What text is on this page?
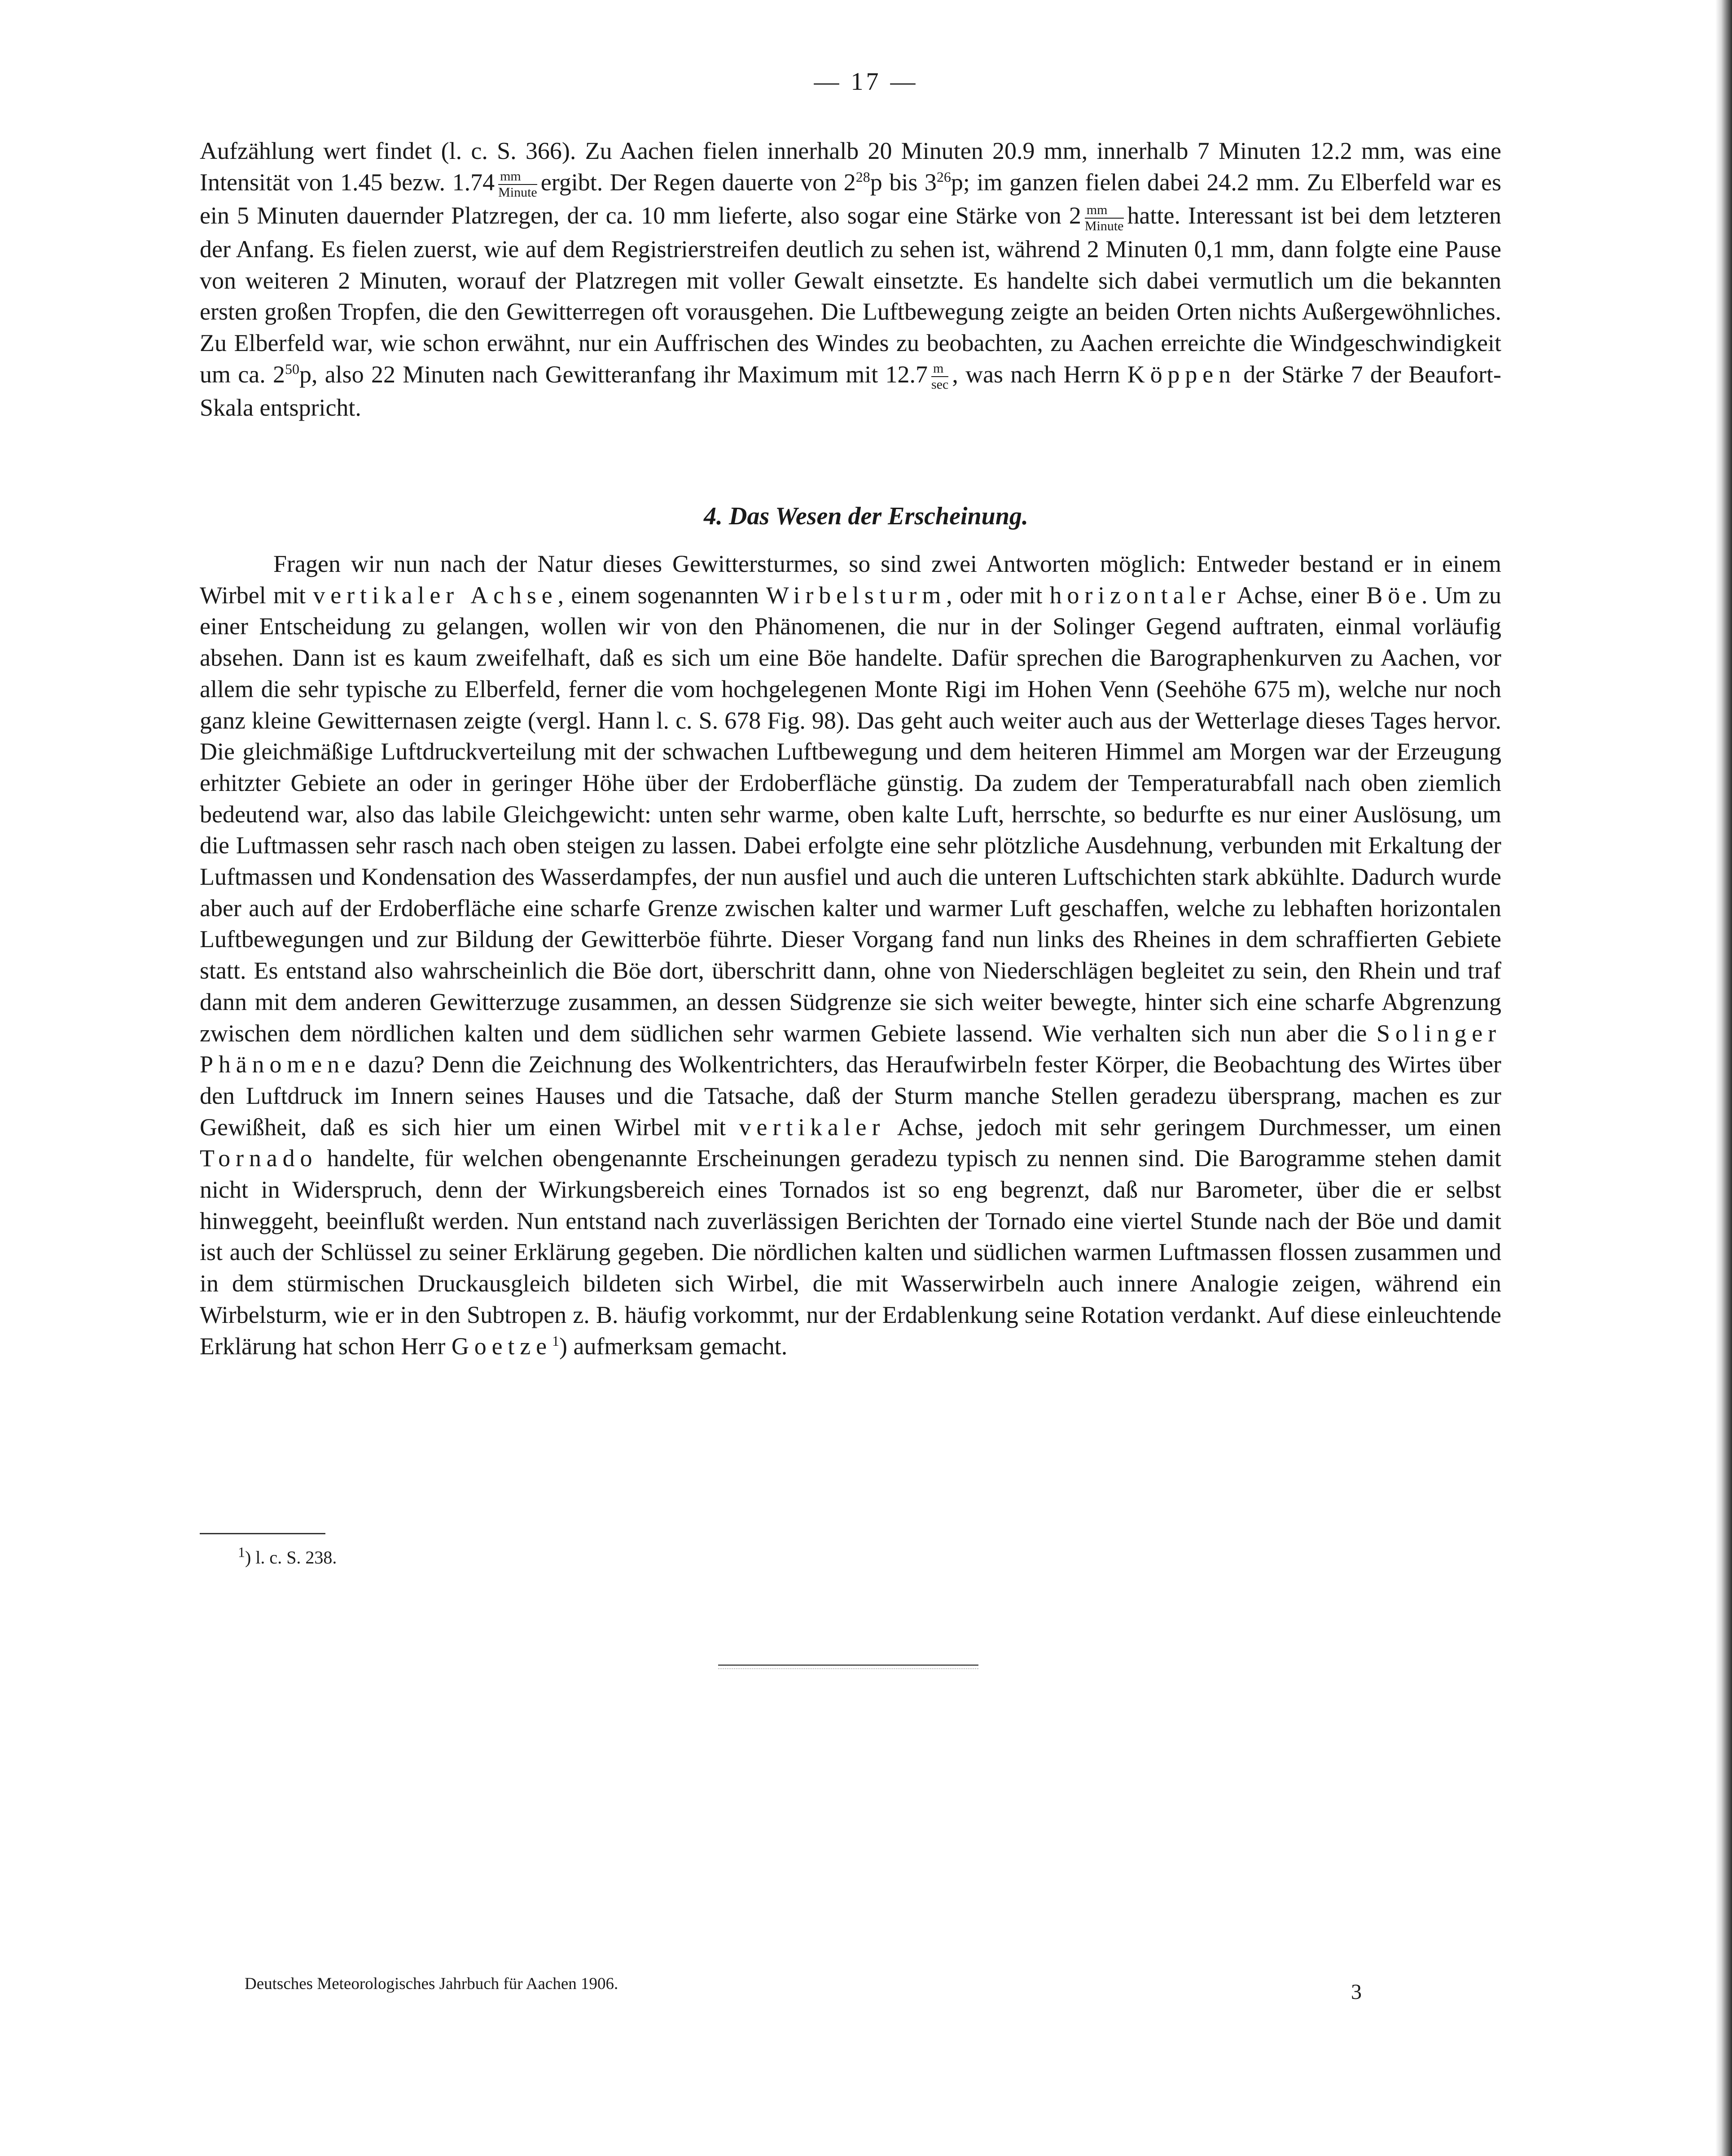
— 17 —

Aufzählung wert findet (l. c. S. 366). Zu Aachen fielen innerhalb 20 Minuten 20.9 mm, innerhalb 7 Minuten 12.2 mm, was eine Intensität von 1.45 bezw. $1.74 \frac{mm}{\text{Minute}}$ ergibt. Der Regen dauerte von $2^{28}p$ bis $3^{26}p$; im ganzen fielen dabei 24.2 mm. Zu Elberfeld war es ein 5 Minuten dauernder Platzregen, der ca. 10 mm lieferte, also sogar eine Stärke von $2 \frac{mm}{\text{Minute}}$ hatte. Interessant ist bei dem letzteren der Anfang. Es fielen zuerst, wie auf dem Registrierstreifen deutlich zu sehen ist, während 2 Minuten 0,1 mm, dann folgte eine Pause von weiteren 2 Minuten, worauf der Platzregen mit voller Gewalt einsetzte. Es handelte sich dabei vermutlich um die bekannten ersten großen Tropfen, die den Gewitterregen oft vorausgehen. Die Luftbewegung zeigte an beiden Orten nichts Außergewöhnliches. Zu Elberfeld war, wie schon erwähnt, nur ein Auffrischen des Windes zu beobachten, zu Aachen erreichte die Windgeschwindigkeit um ca. $2^{50}p$, also 22 Minuten nach Gewitteranfang ihr Maximum mit $12.7 \frac{m}{\sec}$ , was nach Herrn Köppen der Stärke 7 der Beaufort-Skala entspricht.

4. Das Wesen der Erscheinung.

Fragen wir nun nach der Natur dieses Gewittersturmes, so sind zwei Antworten möglich: Entweder bestand er in einem Wirbel mit vertikaler Achse, einem sogenannten Wirbelsturm, oder mit horizontaler Achse, einer Böe. Um zu einer Entscheidung zu gelangen, wollen wir von den Phänomenen, die nur in der Solinger Gegend auftraten, einmal vorläufig absehen. Dann ist es kaum zweifelhaft, daß es sich um eine Böe handelte. Dafür sprechen die Barographenkurven zu Aachen, vor allem die sehr typische zu Elberfeld, ferner die vom hochgelegenen Monte Rigi im Hohen Venn (Seehöhe 675 m), welche nur noch ganz kleine Gewitternasen zeigte (vergl. Hann l. c. S. 678 Fig. 98). Das geht auch weiter auch aus der Wetterlage dieses Tages hervor. Die gleichmäßige Luftdruckverteilung mit der schwachen Luftbewegung und dem heiteren Himmel am Morgen war der Erzeugung erhitzter Gebiete an oder in geringer Höhe über der Erdoberfläche günstig. Da zudem der Temperaturabfall nach oben ziemlich bedeutend war, also das labile Gleichgewicht: unten sehr warme, oben kalte Luft, herrschte, so bedurfte es nur einer Auslösung, um die Luftmassen sehr rasch nach oben steigen zu lassen. Dabei erfolgte eine sehr plötzliche Ausdehnung, verbunden mit Erkaltung der Luftmassen und Kondensation des Wasserdampfes, der nun ausfiel und auch die unteren Luftschichten stark abkühlte. Dadurch wurde aber auch auf der Erdoberfläche eine scharfe Grenze zwischen kalter und warmer Luft geschaffen, welche zu lebhaften horizontalen Luftbewegungen und zur Bildung der Gewitterböe führte. Dieser Vorgang fand nun links des Rheines in dem schraffierten Gebiete statt. Es entstand also wahrscheinlich die Böe dort, überschritt dann, ohne von Niederschlägen begleitet zu sein, den Rhein und traf dann mit dem anderen Gewitterzuge zusammen, an dessen Südgrenze sie sich weiter bewegte, hinter sich eine scharfe Abgrenzung zwischen dem nördlichen kalten und dem südlichen sehr warmen Gebiete lassend. Wie verhalten sich nun aber die Solinger Phänomene dazu? Denn die Zeichnung des Wolkentrichters, das Heraufwirbeln fester Körper, die Beobachtung des Wirtes über den Luftdruck im Innern seines Hauses und die Tatsache, daß der Sturm manche Stellen geradezu übersprang, machen es zur Gewißheit, daß es sich hier um einen Wirbel mit vertikaler Achse, jedoch mit sehr geringem Durchmesser, um einen Tornado handelte, für welchen obengenannte Erscheinungen geradezu typisch zu nennen sind. Die Barogramme stehen damit nicht in Widerspruch, denn der Wirkungsbereich eines Tornados ist so eng begrenzt, daß nur Barometer, über die er selbst hinweggeht, beeinflußt werden. Nun entstand nach zuverlässigen Berichten der Tornado eine viertel Stunde nach der Böe und damit ist auch der Schlüssel zu seiner Erklärung gegeben. Die nördlichen kalten und südlichen warmen Luftmassen flossen zusammen und in dem stürmischen Druckausgleich bildeten sich Wirbel, die mit Wasserwirbeln auch innere Analogie zeigen, während ein Wirbelsturm, wie er in den Subtropen z. B. häufig vorkommt, nur der Erdablenkung seine Rotation verdankt. Auf diese einleuchtende Erklärung hat schon Herr Goetze$^1$) aufmerksam gemacht.

$^1$) l. c. S. 238.

Deutsches Meteorologisches Jahrbuch für Aachen 1906.	3
